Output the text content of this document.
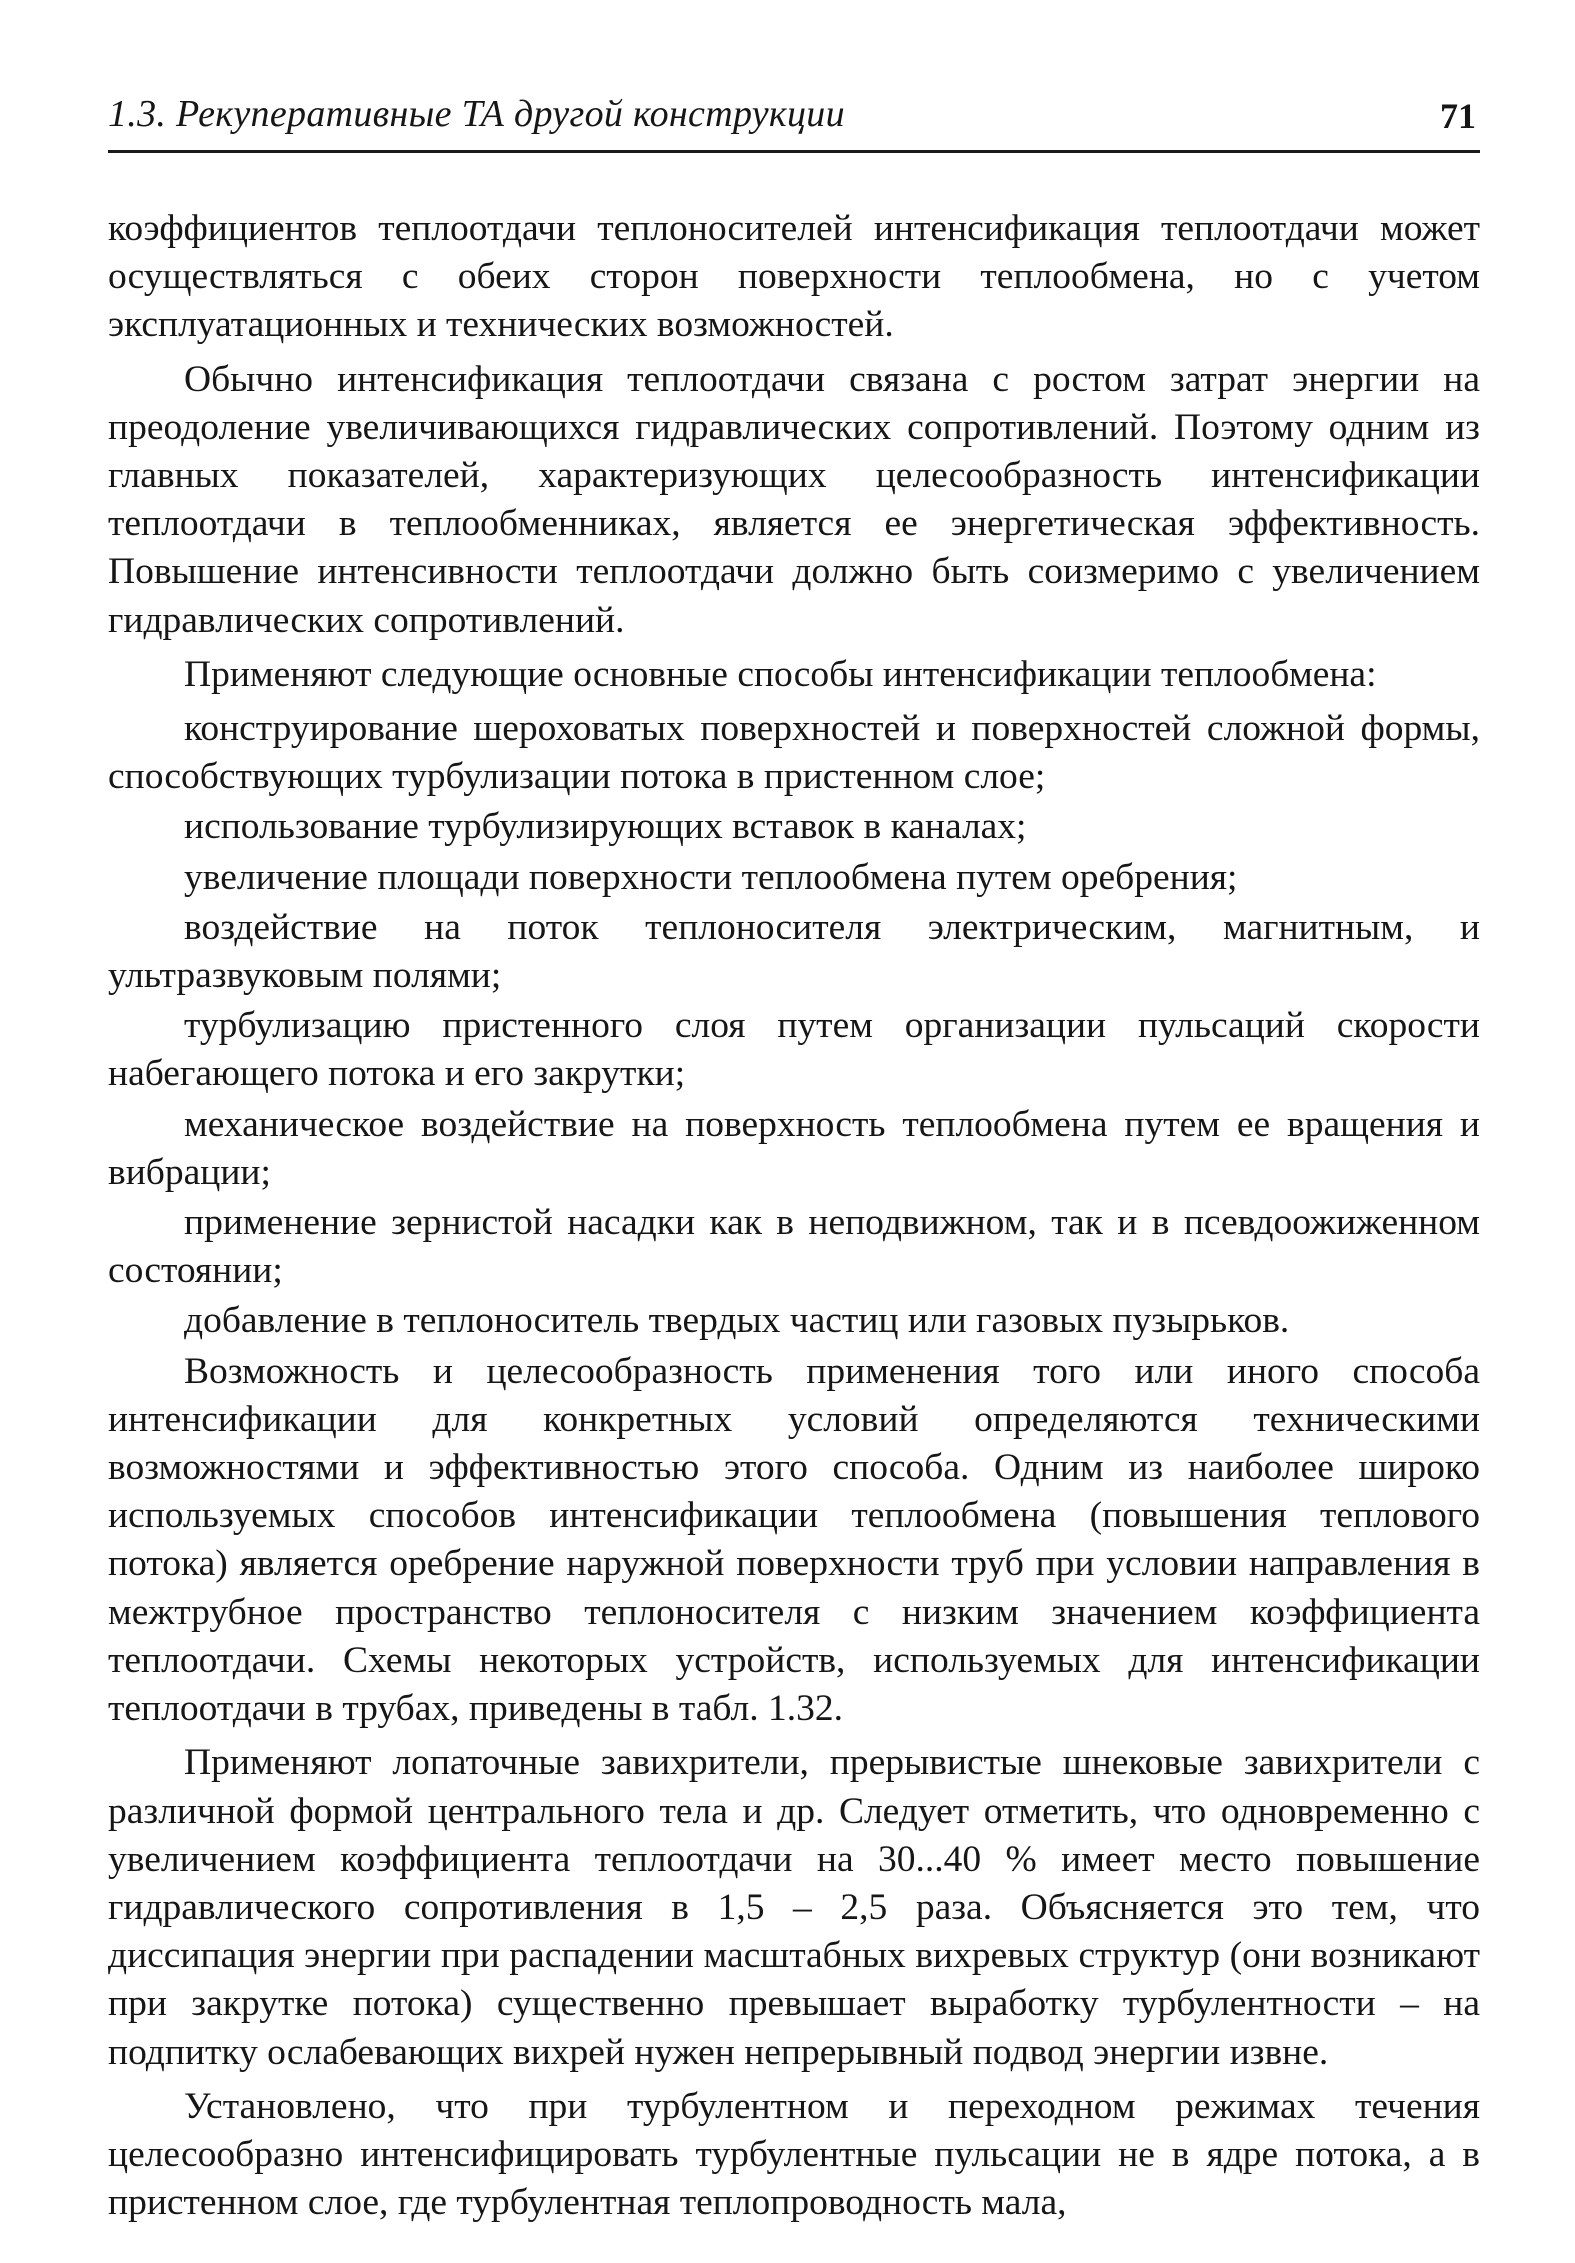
1.3. Рекуперативные ТА другой конструкции	71

коэффициентов теплоотдачи теплоносителей интенсификация теплоотдачи может осуществляться с обеих сторон поверхности теплообмена, но с учетом эксплуатационных и технических возможностей.

Обычно интенсификация теплоотдачи связана с ростом затрат энергии на преодоление увеличивающихся гидравлических сопротивлений. Поэтому одним из главных показателей, характеризующих целесообразность интенсификации теплоотдачи в теплообменниках, является ее энергетическая эффективность. Повышение интенсивности теплоотдачи должно быть соизмеримо с увеличением гидравлических сопротивлений.

Применяют следующие основные способы интенсификации теплообмена:

конструирование шероховатых поверхностей и поверхностей сложной формы, способствующих турбулизации потока в пристенном слое;

использование турбулизирующих вставок в каналах;

увеличение площади поверхности теплообмена путем оребрения;

воздействие на поток теплоносителя электрическим, магнитным, и ультразвуковым полями;

турбулизацию пристенного слоя путем организации пульсаций скорости набегающего потока и его закрутки;

механическое воздействие на поверхность теплообмена путем ее вращения и вибрации;

применение зернистой насадки как в неподвижном, так и в псевдоожиженном состоянии;

добавление в теплоноситель твердых частиц или газовых пузырьков.

Возможность и целесообразность применения того или иного способа интенсификации для конкретных условий определяются техническими возможностями и эффективностью этого способа. Одним из наиболее широко используемых способов интенсификации теплообмена (повышения теплового потока) является оребрение наружной поверхности труб при условии направления в межтрубное пространство теплоносителя с низким значением коэффициента теплоотдачи. Схемы некоторых устройств, используемых для интенсификации теплоотдачи в трубах, приведены в табл. 1.32.

Применяют лопаточные завихрители, прерывистые шнековые завихрители с различной формой центрального тела и др. Следует отметить, что одновременно с увеличением коэффициента теплоотдачи на 30...40 % имеет место повышение гидравлического сопротивления в 1,5 – 2,5 раза. Объясняется это тем, что диссипация энергии при распадении масштабных вихревых структур (они возникают при закрутке потока) существенно превышает выработку турбулентности – на подпитку ослабевающих вихрей нужен непрерывный подвод энергии извне.

Установлено, что при турбулентном и переходном режимах течения целесообразно интенсифицировать турбулентные пульсации не в ядре потока, а в пристенном слое, где турбулентная теплопроводность мала,
